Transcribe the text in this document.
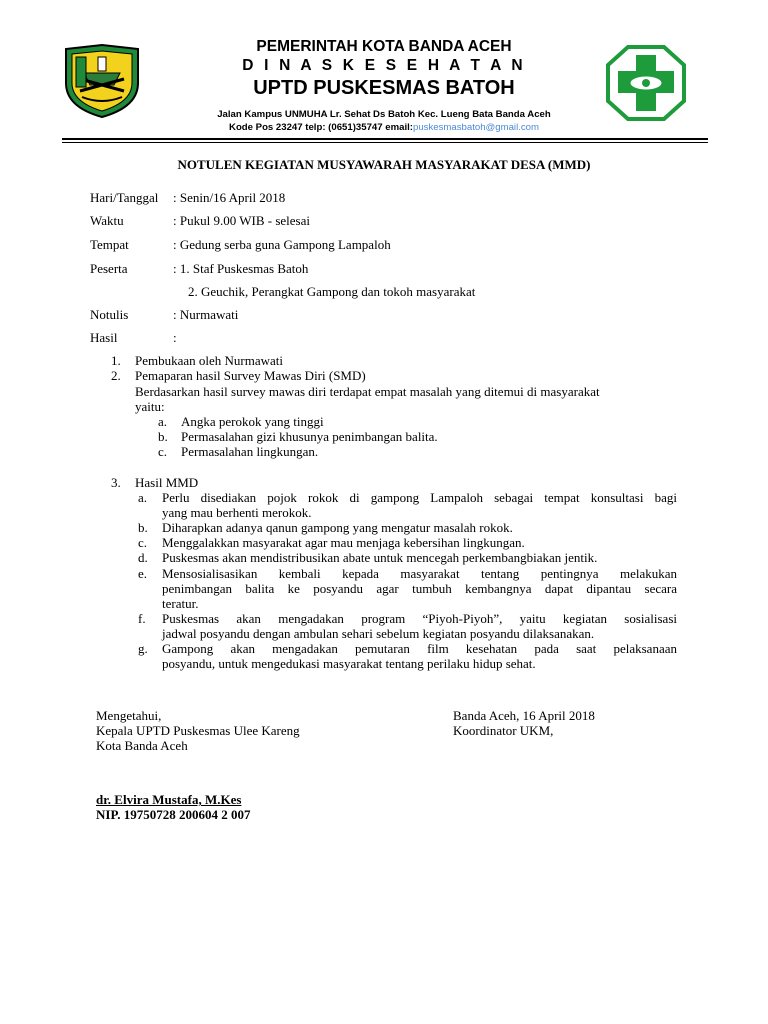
PEMERINTAH KOTA BANDA ACEH
D I N A S K E S E H A T A N
UPTD PUSKESMAS BATOH
Jalan Kampus UNMUHA Lr. Sehat Ds Batoh Kec. Lueng Bata Banda Aceh
Kode Pos 23247 telp: (0651)35747 email:puskesmasbatoh@gmail.com
NOTULEN KEGIATAN MUSYAWARAH MASYARAKAT DESA (MMD)
Hari/Tanggal : Senin/16 April 2018
Waktu	: Pukul 9.00 WIB - selesai
Tempat	: Gedung serba guna Gampong Lampaloh
Peserta	: 1. Staf Puskesmas Batoh
2. Geuchik, Perangkat Gampong dan tokoh masyarakat
Notulis	: Nurmawati
Hasil	:
1. Pembukaan oleh Nurmawati
2. Pemaparan hasil Survey Mawas Diri (SMD)
Berdasarkan hasil survey mawas diri terdapat empat masalah yang ditemui di masyarakat
yaitu:
a. Angka perokok yang tinggi
b. Permasalahan gizi khusunya penimbangan balita.
c. Permasalahan lingkungan.
3. Hasil MMD
a. Perlu disediakan pojok rokok di gampong Lampaloh sebagai tempat konsultasi bagi
yang mau berhenti merokok.
b. Diharapkan adanya qanun gampong yang mengatur masalah rokok.
c. Menggalakkan masyarakat agar mau menjaga kebersihan lingkungan.
d. Puskesmas akan mendistribusikan abate untuk mencegah perkembangbiakan jentik.
e. Mensosialisasikan kembali kepada masyarakat tentang pentingnya melakukan
penimbangan balita ke posyandu agar tumbuh kembangnya dapat dipantau secara
teratur.
f. Puskesmas akan mengadakan program “Piyoh-Piyoh”, yaitu kegiatan sosialisasi
jadwal posyandu dengan ambulan sehari sebelum kegiatan posyandu dilaksanakan.
g. Gampong akan mengadakan pemutaran film kesehatan pada saat pelaksanaan
posyandu, untuk mengedukasi masyarakat tentang perilaku hidup sehat.
Mengetahui,
Kepala UPTD Puskesmas Ulee Kareng
Kota Banda Aceh
Banda Aceh, 16 April 2018
Koordinator UKM,
dr. Elvira Mustafa, M.Kes
NIP. 19750728 200604 2 007
